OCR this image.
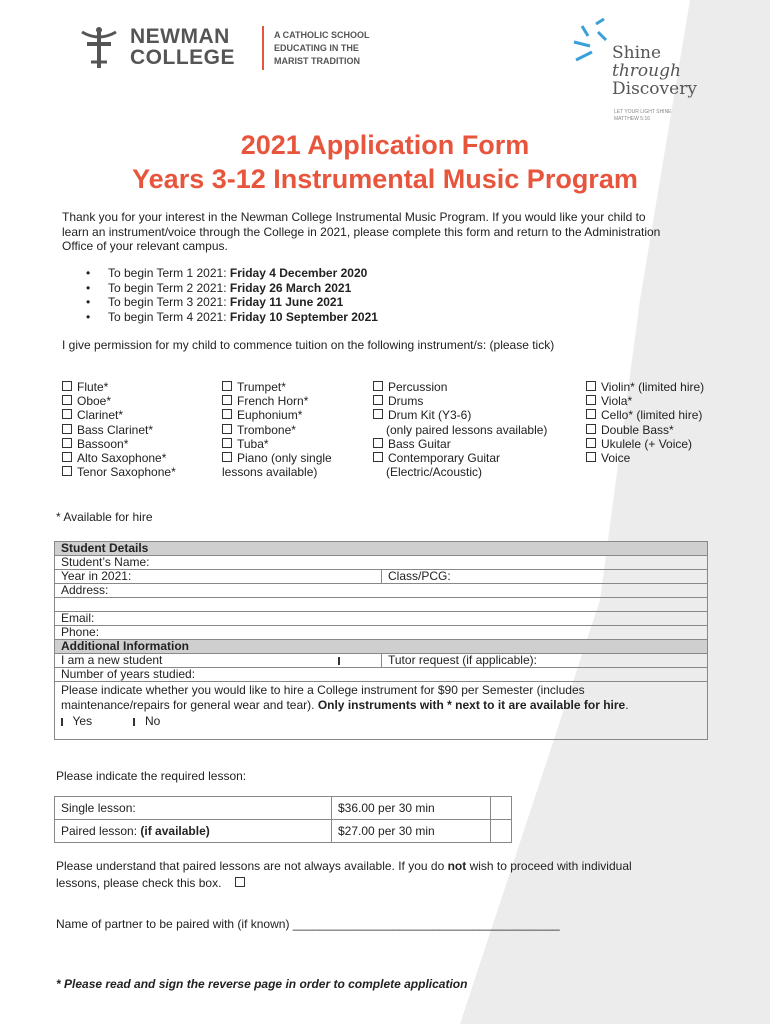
NEWMAN
COLLEGE
A CATHOLIC SCHOOL
EDUCATING IN THE
MARIST TRADITION	Shine
through
Discovery
LET YOUR LIGHT SHINE
MATTHEW 5:16
2021 Application Form
Years 3-12 Instrumental Music Program
Thank you for your interest in the Newman College Instrumental Music Program. If you would like your child to
learn an instrument/voice through the College in 2021, please complete this form and return to the Administration
Office of your relevant campus.
• To begin Term 1 2021: Friday 4 December 2020
• To begin Term 2 2021: Friday 26 March 2021
• To begin Term 3 2021: Friday 11 June 2021
• To begin Term 4 2021: Friday 10 September 2021
I give permission for my child to commence tuition on the following instrument/s: (please tick)
Flute*
Oboe*
Clarinet*
Bass Clarinet*
Bassoon*
Alto Saxophone*
Tenor Saxophone*
Trumpet*
French Horn*
Euphonium*
Trombone*
Tuba*
Piano (only single
lessons available)
Percussion
Drums
Drum Kit (Y3-6)
(only paired lessons available)
Bass Guitar
Contemporary Guitar
(Electric/Acoustic)
Violin* (limited hire)
Viola*
Cello* (limited hire)
Double Bass*
Ukulele (+ Voice)
Voice
* Available for hire
Student Details	
Student’s Name:	
Year in 2021:	Class/PCG:
Address:	

Email:	
Phone:	
Additional Information	
I am a new student	Tutor request (if applicable):
Number of years studied:	

Please indicate whether you would like to hire a College instrument for $90 per Semester (includes
maintenance/repairs for general wear and tear). Only instruments with * next to it are available for hire.
Yes No	
Please indicate the required lesson:
Single lesson:	$36.00 per 30 min	
Paired lesson: (if available)	$27.00 per 30 min	
Please understand that paired lessons are not always available. If you do not wish to proceed with individual
lessons, please check this box.
Name of partner to be paired with (if known) ________________________________________
* Please read and sign the reverse page in order to complete application
